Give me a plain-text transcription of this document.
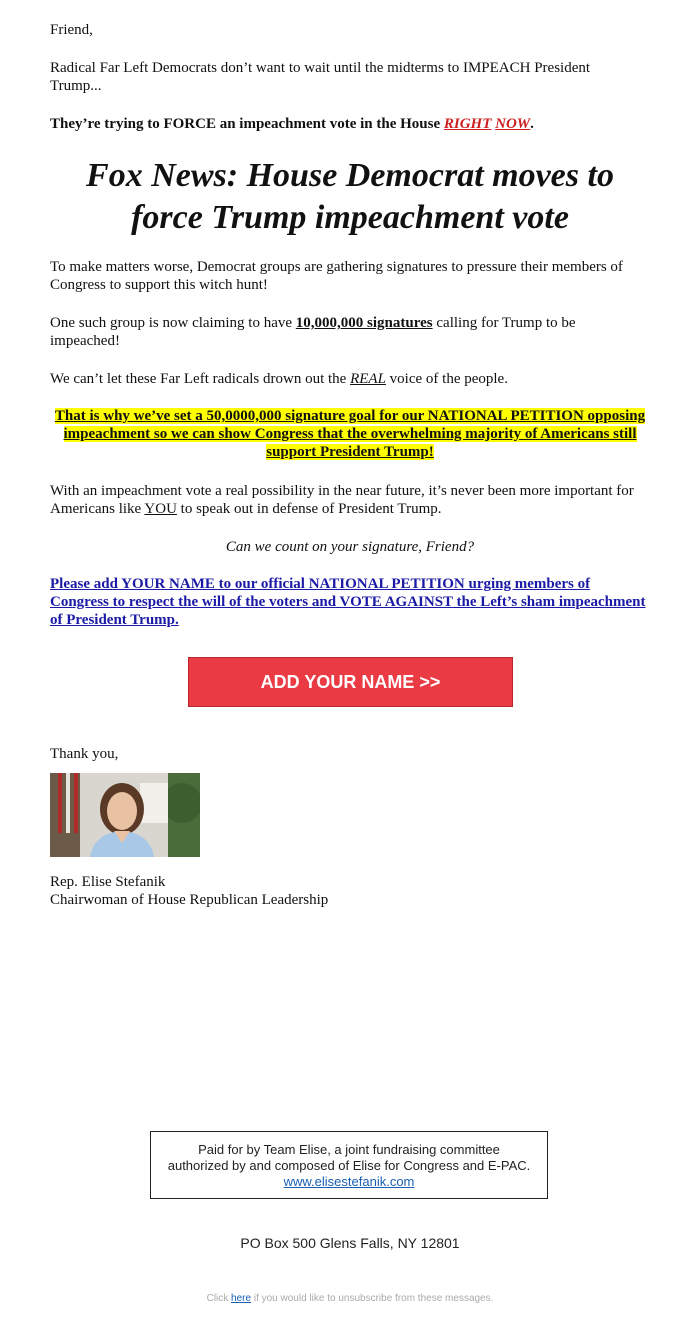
Friend,

Radical Far Left Democrats don’t want to wait until the midterms to IMPEACH President Trump...

They’re trying to FORCE an impeachment vote in the House RIGHT NOW.

Fox News: House Democrat moves to force Trump impeachment vote

To make matters worse, Democrat groups are gathering signatures to pressure their members of Congress to support this witch hunt!

One such group is now claiming to have 10,000,000 signatures calling for Trump to be impeached!

We can’t let these Far Left radicals drown out the REAL voice of the people.

That is why we’ve set a 50,0000,000 signature goal for our NATIONAL PETITION opposing impeachment so we can show Congress that the overwhelming majority of Americans still support President Trump!

With an impeachment vote a real possibility in the near future, it’s never been more important for Americans like YOU to speak out in defense of President Trump.

Can we count on your signature, Friend?

Please add YOUR NAME to our official NATIONAL PETITION urging members of Congress to respect the will of the voters and VOTE AGAINST the Left’s sham impeachment of President Trump.
ADD YOUR NAME >>

Thank you,

Rep. Elise Stefanik

Chairwoman of House Republican Leadership

Paid for by Team Elise, a joint fundraising committee authorized by and composed of Elise for Congress and E-PAC. www.elisestefanik.com
PO Box 500 Glens Falls, NY 12801
Click here if you would like to unsubscribe from these messages.
